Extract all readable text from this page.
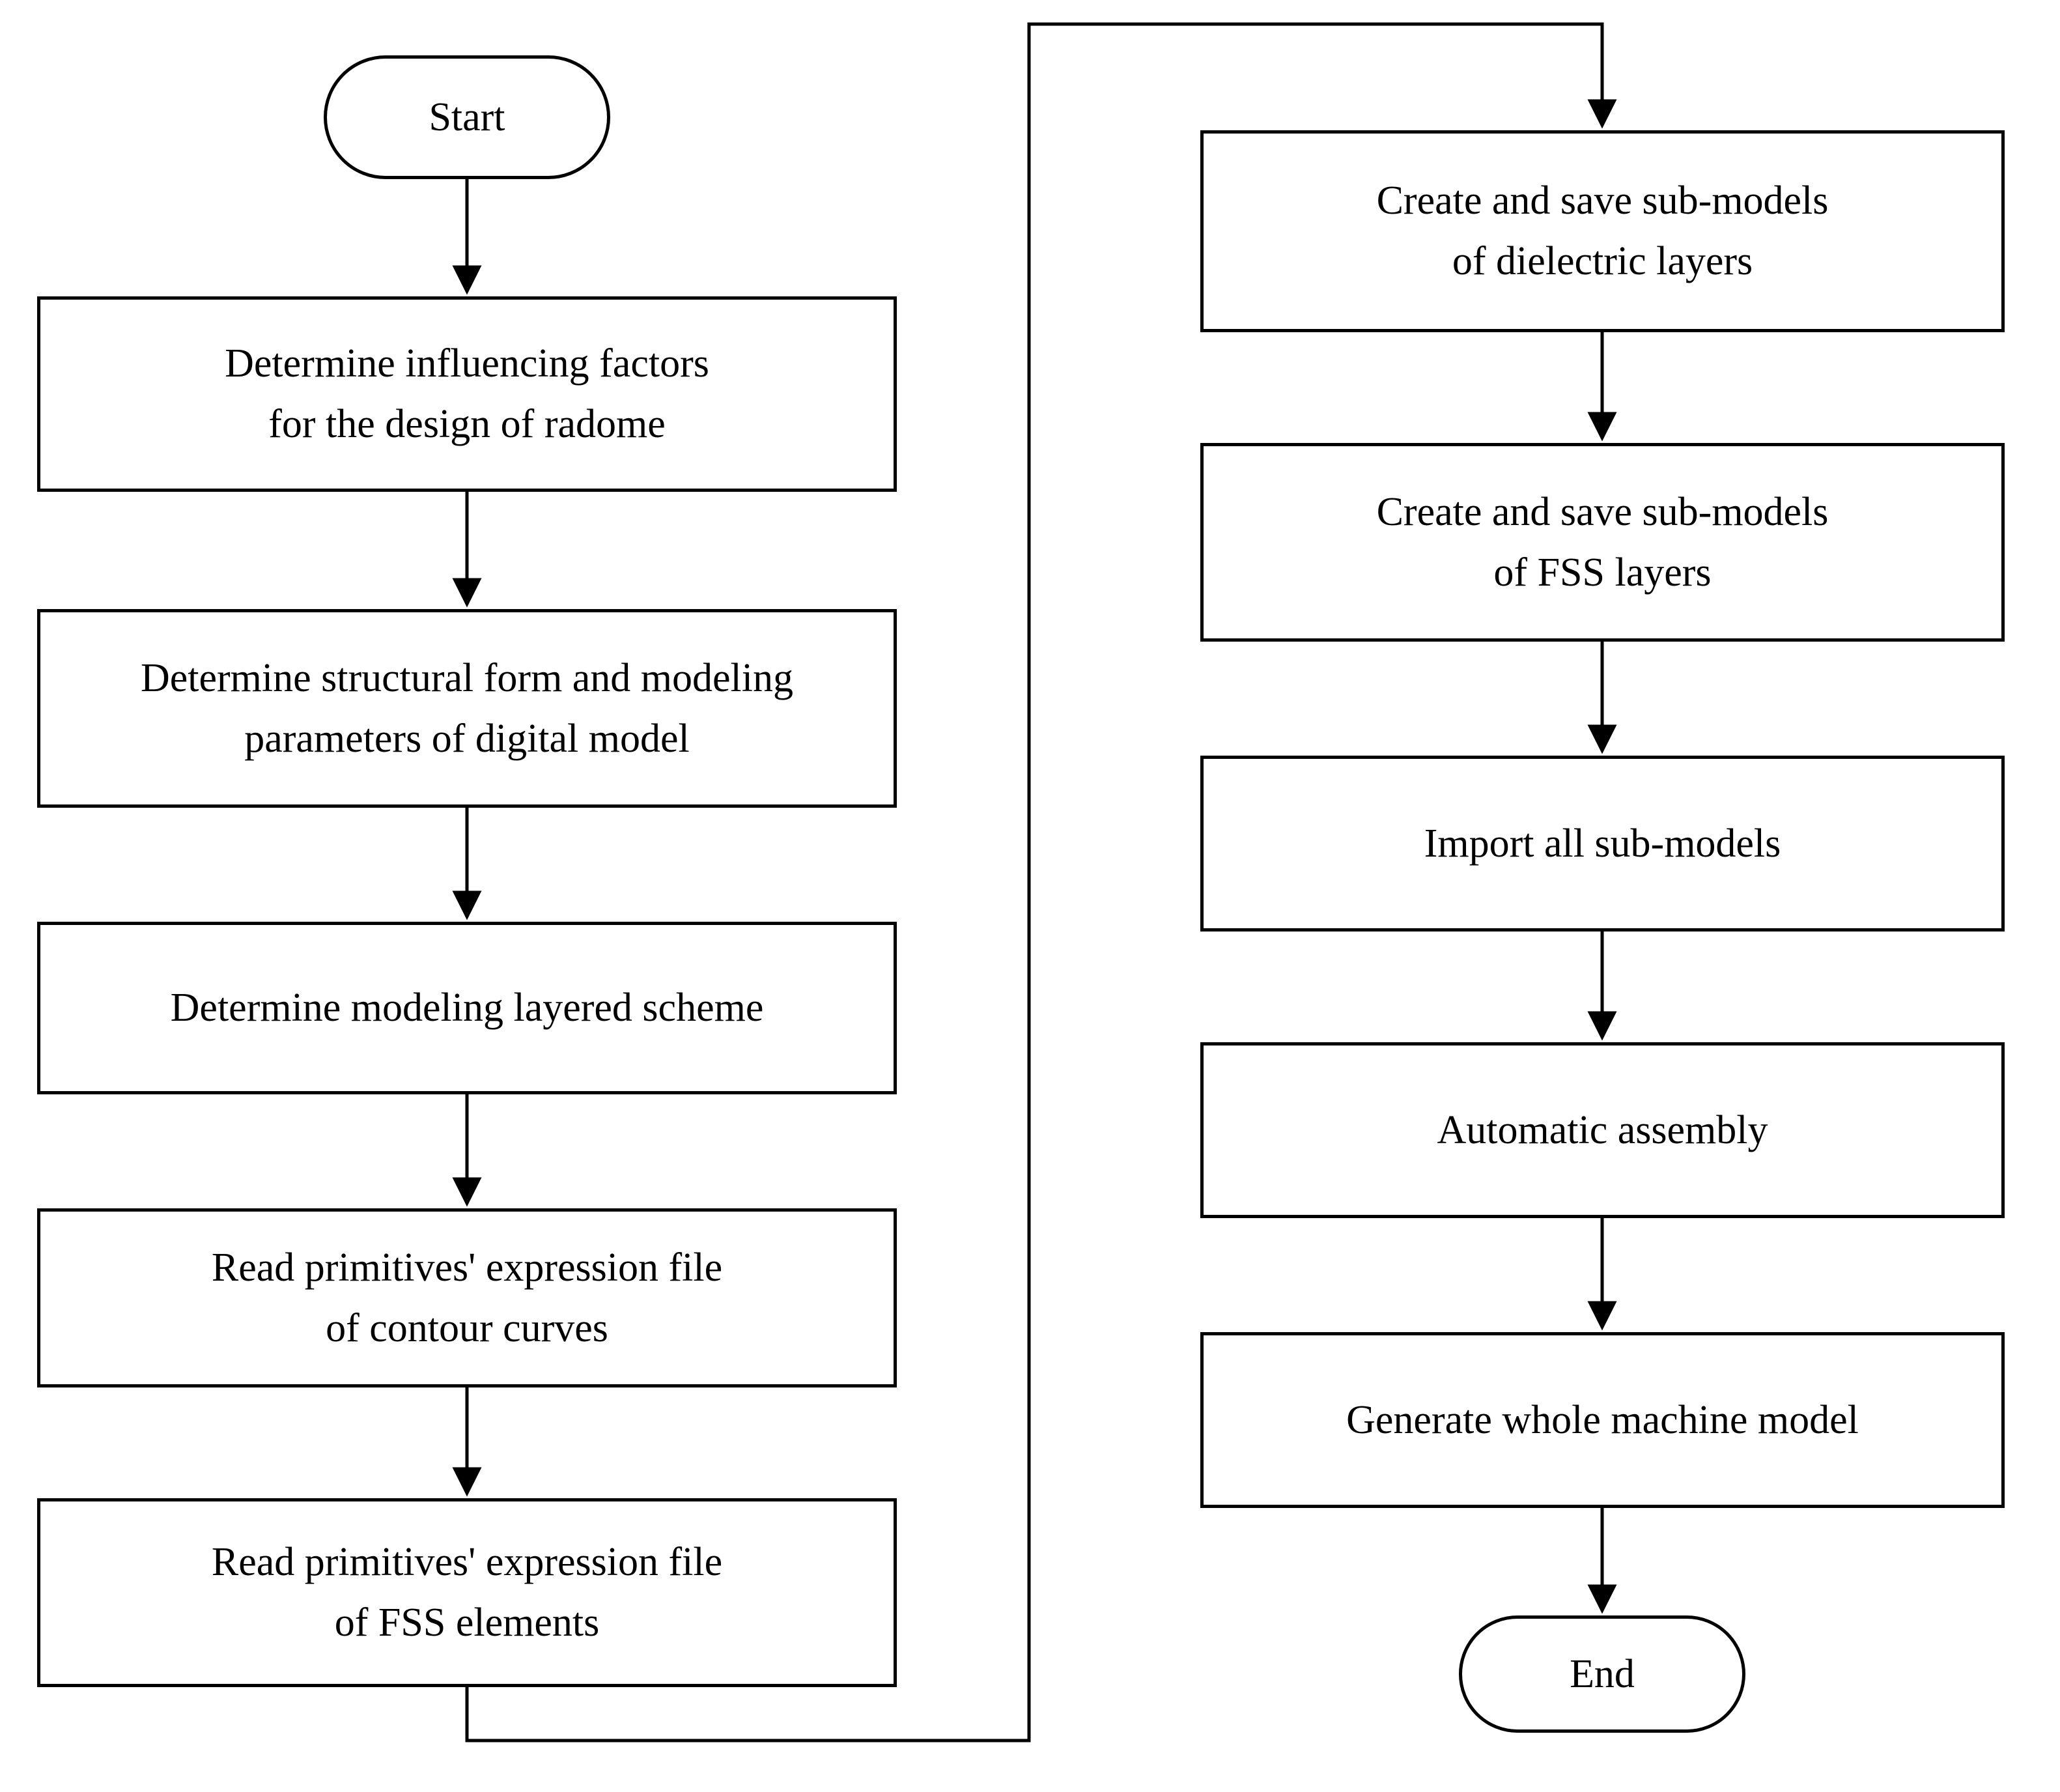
Start
Determine influencing factors
for the design of radome
Determine structural form and modeling
parameters of digital model
Determine modeling layered scheme
Read primitives' expression file
of contour curves
Read primitives' expression file
of FSS elements
Create and save sub-models
of dielectric layers
Create and save sub-models
of FSS layers
Import all sub-models
Automatic assembly
Generate whole machine model
End
